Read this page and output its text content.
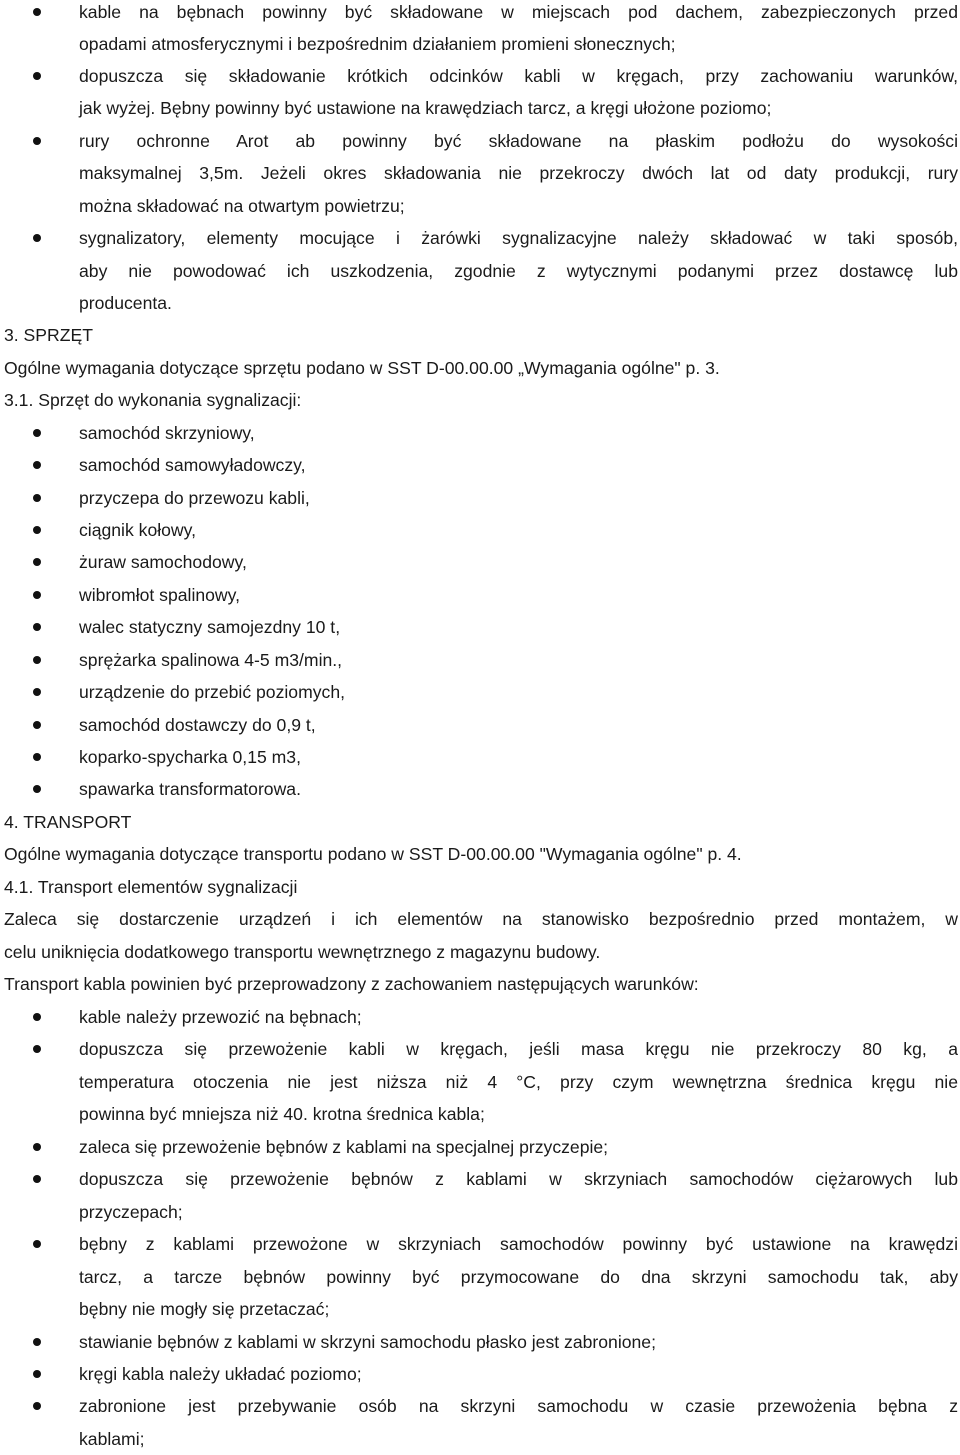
kable na bębnach powinny być składowane w miejscach pod dachem, zabezpieczonych przed
opadami atmosferycznymi i bezpośrednim działaniem promieni słonecznych;
dopuszcza się składowanie krótkich odcinków kabli w kręgach, przy zachowaniu warunków,
jak wyżej. Bębny powinny być ustawione na krawędziach tarcz, a kręgi ułożone poziomo;
rury ochronne Arot ab powinny być składowane na płaskim podłożu do wysokości
maksymalnej 3,5m. Jeżeli okres składowania nie przekroczy dwóch lat od daty produkcji, rury
można składować na otwartym powietrzu;
sygnalizatory, elementy mocujące i żarówki sygnalizacyjne należy składować w taki sposób,
aby nie powodować ich uszkodzenia, zgodnie z wytycznymi podanymi przez dostawcę lub
producenta.
3. SPRZĘT
Ogólne wymagania dotyczące sprzętu podano w SST D-00.00.00 „Wymagania ogólne" p. 3.
3.1. Sprzęt do wykonania sygnalizacji:
samochód skrzyniowy,
samochód samowyładowczy,
przyczepa do przewozu kabli,
ciągnik kołowy,
żuraw samochodowy,
wibromłot spalinowy,
walec statyczny samojezdny 10 t,
sprężarka spalinowa 4-5 m3/min.,
urządzenie do przebić poziomych,
samochód dostawczy do 0,9 t,
koparko-spycharka 0,15 m3,
spawarka transformatorowa.
4. TRANSPORT
Ogólne wymagania dotyczące transportu podano w SST D-00.00.00 "Wymagania ogólne" p. 4.
4.1. Transport elementów sygnalizacji
Zaleca się dostarczenie urządzeń i ich elementów na stanowisko bezpośrednio przed montażem, w
celu uniknięcia dodatkowego transportu wewnętrznego z magazynu budowy.
Transport kabla powinien być przeprowadzony z zachowaniem następujących warunków:
kable należy przewozić na bębnach;
dopuszcza się przewożenie kabli w kręgach, jeśli masa kręgu nie przekroczy 80 kg, a
temperatura otoczenia nie jest niższa niż 4 °C, przy czym wewnętrzna średnica kręgu nie
powinna być mniejsza niż 40. krotna średnica kabla;
zaleca się przewożenie bębnów z kablami na specjalnej przyczepie;
dopuszcza się przewożenie bębnów z kablami w skrzyniach samochodów ciężarowych lub
przyczepach;
bębny z kablami przewożone w skrzyniach samochodów powinny być ustawione na krawędzi
tarcz, a tarcze bębnów powinny być przymocowane do dna skrzyni samochodu tak, aby
bębny nie mogły się przetaczać;
stawianie bębnów z kablami w skrzyni samochodu płasko jest zabronione;
kręgi kabla należy układać poziomo;
zabronione jest przebywanie osób na skrzyni samochodu w czasie przewożenia bębna z
kablami;
